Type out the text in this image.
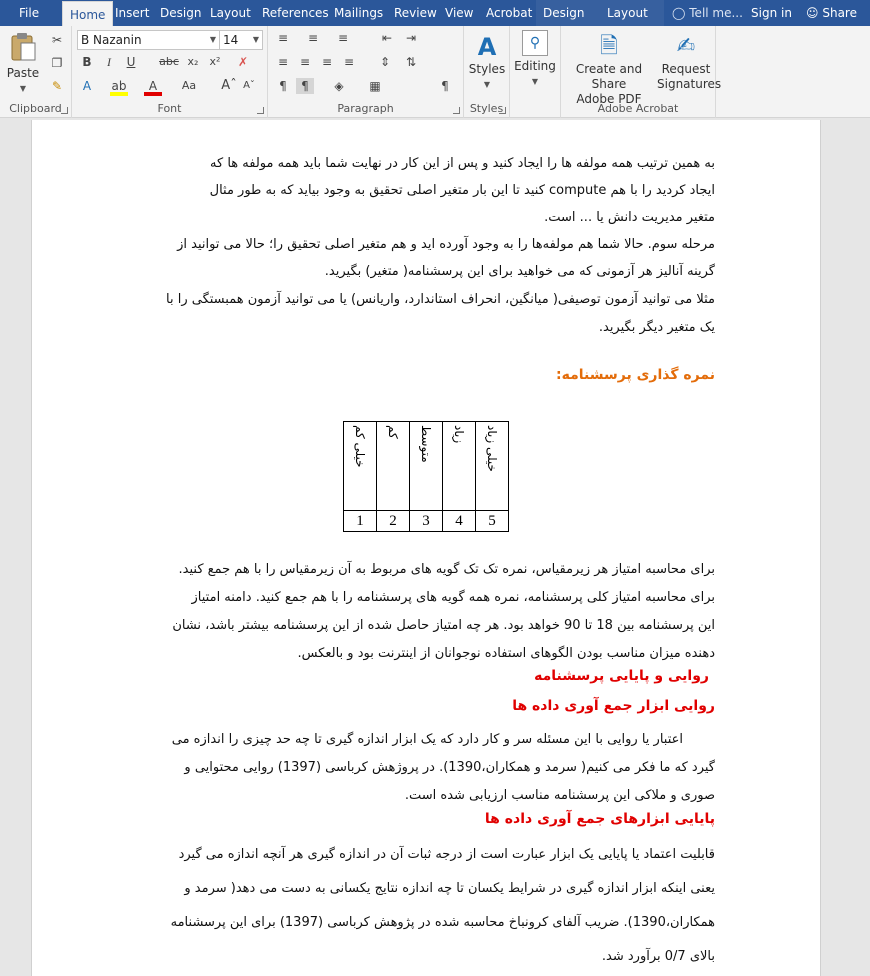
File	Home Insert Design Layout References Mailings Review View	Acrobat Design	Layout	◯ Tell me... Sign in ☺ Share
Paste
▼
✂
❐
✎
Clipboard
B Nazanin	▼ 14 ▼
B	I	U	abc x₂	x²	✗
A	ab	A	Aa Aˆ Aˇ
Font
≡	≡	≡	⇤	⇥
≡ ≡ ≡ ≡	⇕
¶	¶	◈	▦
⇅
¶
Paragraph
A
Styles
▼
Styles
⚲
Editing
▼
🗎
Create and Share
Adobe PDF
✍
Request
Signatures
Adobe Acrobat
به همین ترتیب همه مولفه ها را ایجاد کنید و پس از این کار در نهایت شما باید همه مولفه ها که
ایجاد کردید را با هم compute کنید تا این بار متغیر اصلی تحقیق به وجود بیاید که به طور مثال
متغیر مدیریت دانش یا ... است.
مرحله سوم. حالا شما هم مولفه‌ها را به وجود آورده اید و هم متغیر اصلی تحقیق را؛ حالا می توانید از
گرینه آنالیز هر آزمونی که می خواهید برای این پرسشنامه( متغیر) بگیرید.
مثلا می توانید آزمون توصیفی( میانگین، انحراف استاندارد، واریانس) یا می توانید آزمون همبستگی را با
یک متغیر دیگر بگیرید.
نمره گذاری پرسشنامه:
خیلی کم	کم	متوسط	زیاد	خیلی زیاد
1	2	3	4	5
برای محاسبه امتیاز هر زیرمقیاس، نمره تک تک گویه های مربوط به آن زیرمقیاس را با هم جمع کنید.
برای محاسبه امتیاز کلی پرسشنامه، نمره همه گویه های پرسشنامه را با هم جمع کنید. دامنه امتیاز
این پرسشنامه بین 18 تا 90 خواهد بود. هر چه امتیاز حاصل شده از این پرسشنامه بیشتر باشد، نشان
دهنده میزان مناسب بودن الگوهای استفاده نوجوانان از اینترنت بود و بالعکس.
روایی و پایایی پرسشنامه
روایی ابزار جمع آوری داده ها
اعتبار یا روایی با این مسئله سر و کار دارد که یک ابزار اندازه گیری تا چه حد چیزی را اندازه می
گیرد که ما فکر می کنیم( سرمد و همکاران،1390). در پروژهش کرباسی (1397) روایی محتوایی و
صوری و ملاکی این پرسشنامه مناسب ارزیابی شده است.
پایایی ابزارهای جمع آوری داده ها
قابلیت اعتماد یا پایایی یک ابزار عبارت است از درجه ثبات آن در اندازه گیری هر آنچه اندازه می گیرد
یعنی اینکه ابزار اندازه گیری در شرایط یکسان تا چه اندازه نتایج یکسانی به دست می دهد( سرمد و
همکاران،1390). ضریب آلفای کرونباخ محاسبه شده در پژوهش کرباسی (1397) برای این پرسشنامه
بالای 0/7 برآورد شد.
